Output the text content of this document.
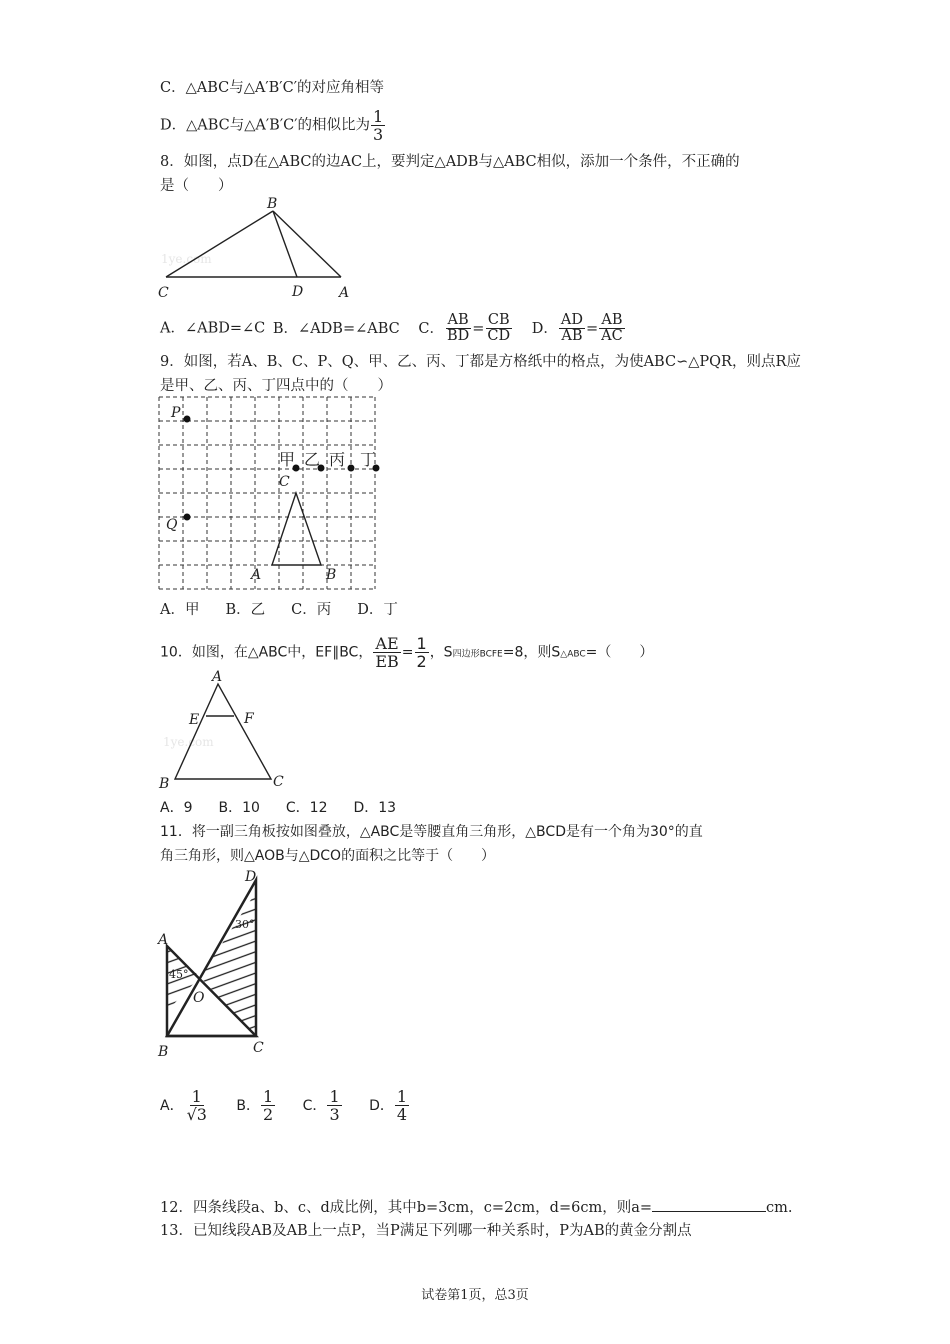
C．△ABC与△A′B′C′的对应角相等
D．△ABC与△A′B′C′的相似比为 $\frac{1}{3}$
8．如图，点D在△ABC的边AC上，要判定△ADB与△ABC相似，添加一个条件，不正确的
是（　　）
1ye.com
B
C	D	A
A．∠ABD=∠C B．∠ADB=∠ABC C． $\frac{AB}{BD} = \frac{CB}{CD}$ D． $\frac{AD}{AB} = \frac{AB}{AC}$
9．如图，若A、B、C、P、Q、甲、乙、丙、丁都是方格纸中的格点，为使ABC∽△PQR，则点R应
是甲、乙、丙、丁四点中的（　　）
P
Q
C
A	B
甲 乙 丙 丁
A．甲 B．乙 C．丙 D．丁
10．如图，在△ABC中，EF∥BC， $\frac{AE}{EB} = \frac{1}{2}$ ，S四边形BCFE=8，则S△ABC=（　　）
1ye.com
A
E	F
B	C
A．9 B．10 C．12 D．13
11．将一副三角板按如图叠放，△ABC是等腰直角三角形，△BCD是有一个角为30°的直
角三角形，则△AOB与△DCO的面积之比等于（　　）
D
A
B	C
O
45°
30°
A． $\frac{1}{√3}$ B． $\frac{1}{2}$ C． $\frac{1}{3}$ D． $\frac{1}{4}$
12．四条线段a、b、c、d成比例，其中b=3cm，c=2cm，d=6cm，则a=	cm.
13．已知线段AB及AB上一点P，当P满足下列哪一种关系时，P为AB的黄金分割点
试卷第1页，总3页
